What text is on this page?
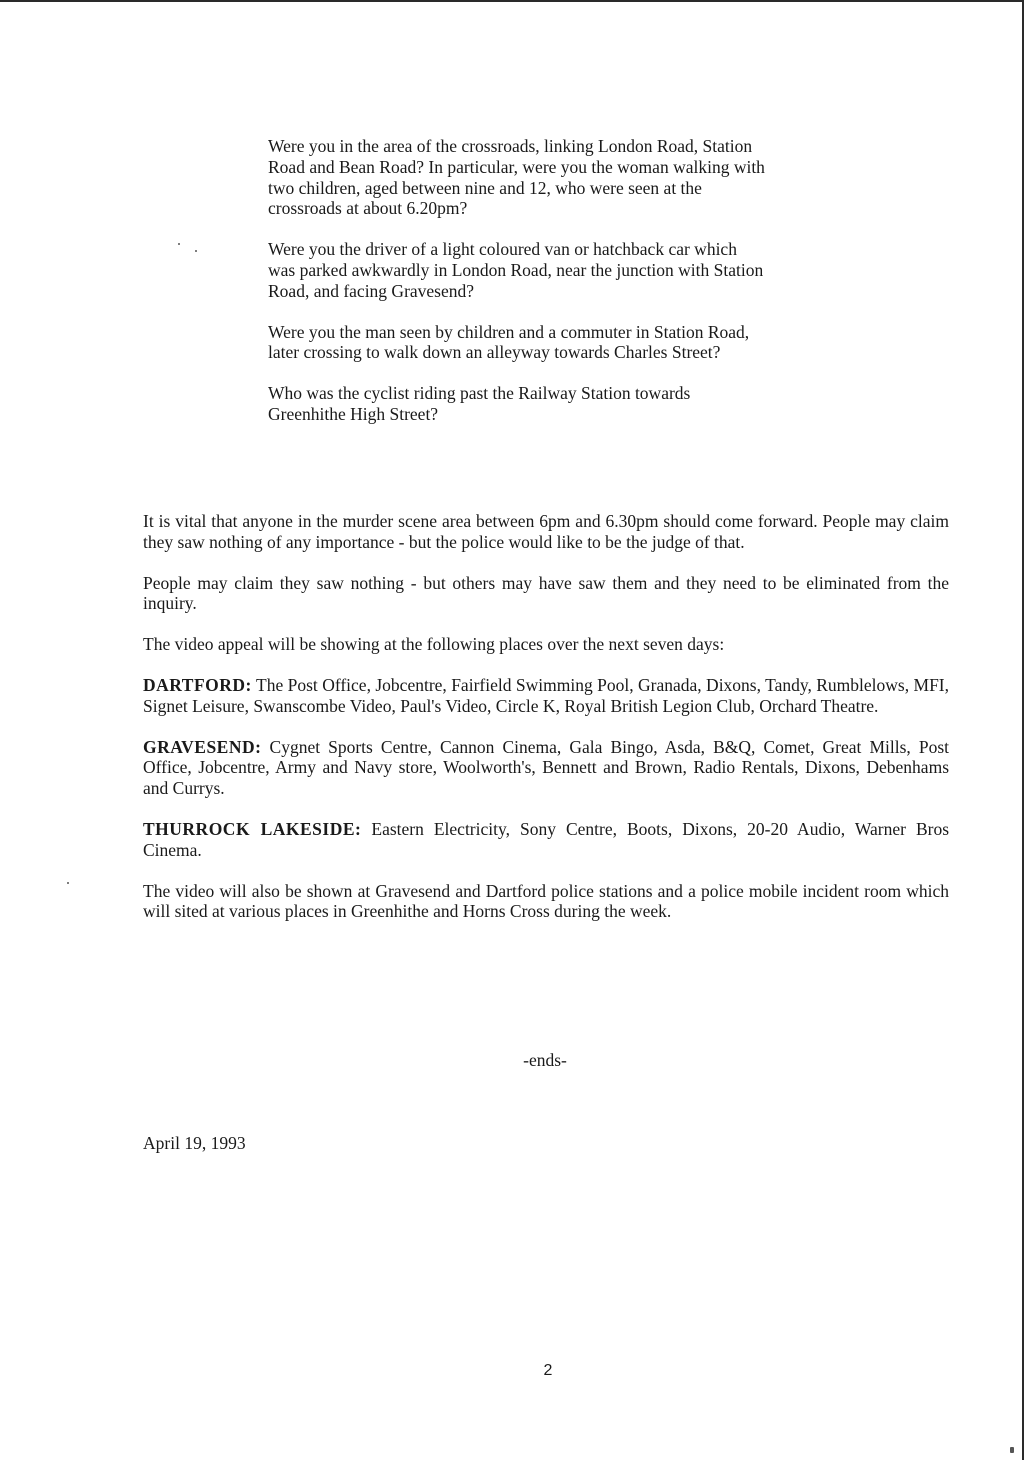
Were you in the area of the crossroads, linking London Road, Station Road and Bean Road? In particular, were you the woman walking with two children, aged between nine and 12, who were seen at the crossroads at about 6.20pm?

Were you the driver of a light coloured van or hatchback car which was parked awkwardly in London Road, near the junction with Station Road, and facing Gravesend?

Were you the man seen by children and a commuter in Station Road, later crossing to walk down an alleyway towards Charles Street?

Who was the cyclist riding past the Railway Station towards Greenhithe High Street?

It is vital that anyone in the murder scene area between 6pm and 6.30pm should come forward. People may claim they saw nothing of any importance - but the police would like to be the judge of that.

People may claim they saw nothing - but others may have saw them and they need to be eliminated from the inquiry.

The video appeal will be showing at the following places over the next seven days:

DARTFORD: The Post Office, Jobcentre, Fairfield Swimming Pool, Granada, Dixons, Tandy, Rumblelows, MFI, Signet Leisure, Swanscombe Video, Paul's Video, Circle K, Royal British Legion Club, Orchard Theatre.

GRAVESEND: Cygnet Sports Centre, Cannon Cinema, Gala Bingo, Asda, B&Q, Comet, Great Mills, Post Office, Jobcentre, Army and Navy store, Woolworth's, Bennett and Brown, Radio Rentals, Dixons, Debenhams and Currys.

THURROCK LAKESIDE: Eastern Electricity, Sony Centre, Boots, Dixons, 20-20 Audio, Warner Bros Cinema.

The video will also be shown at Gravesend and Dartford police stations and a police mobile incident room which will sited at various places in Greenhithe and Horns Cross during the week.

-ends-
April 19, 1993
2
